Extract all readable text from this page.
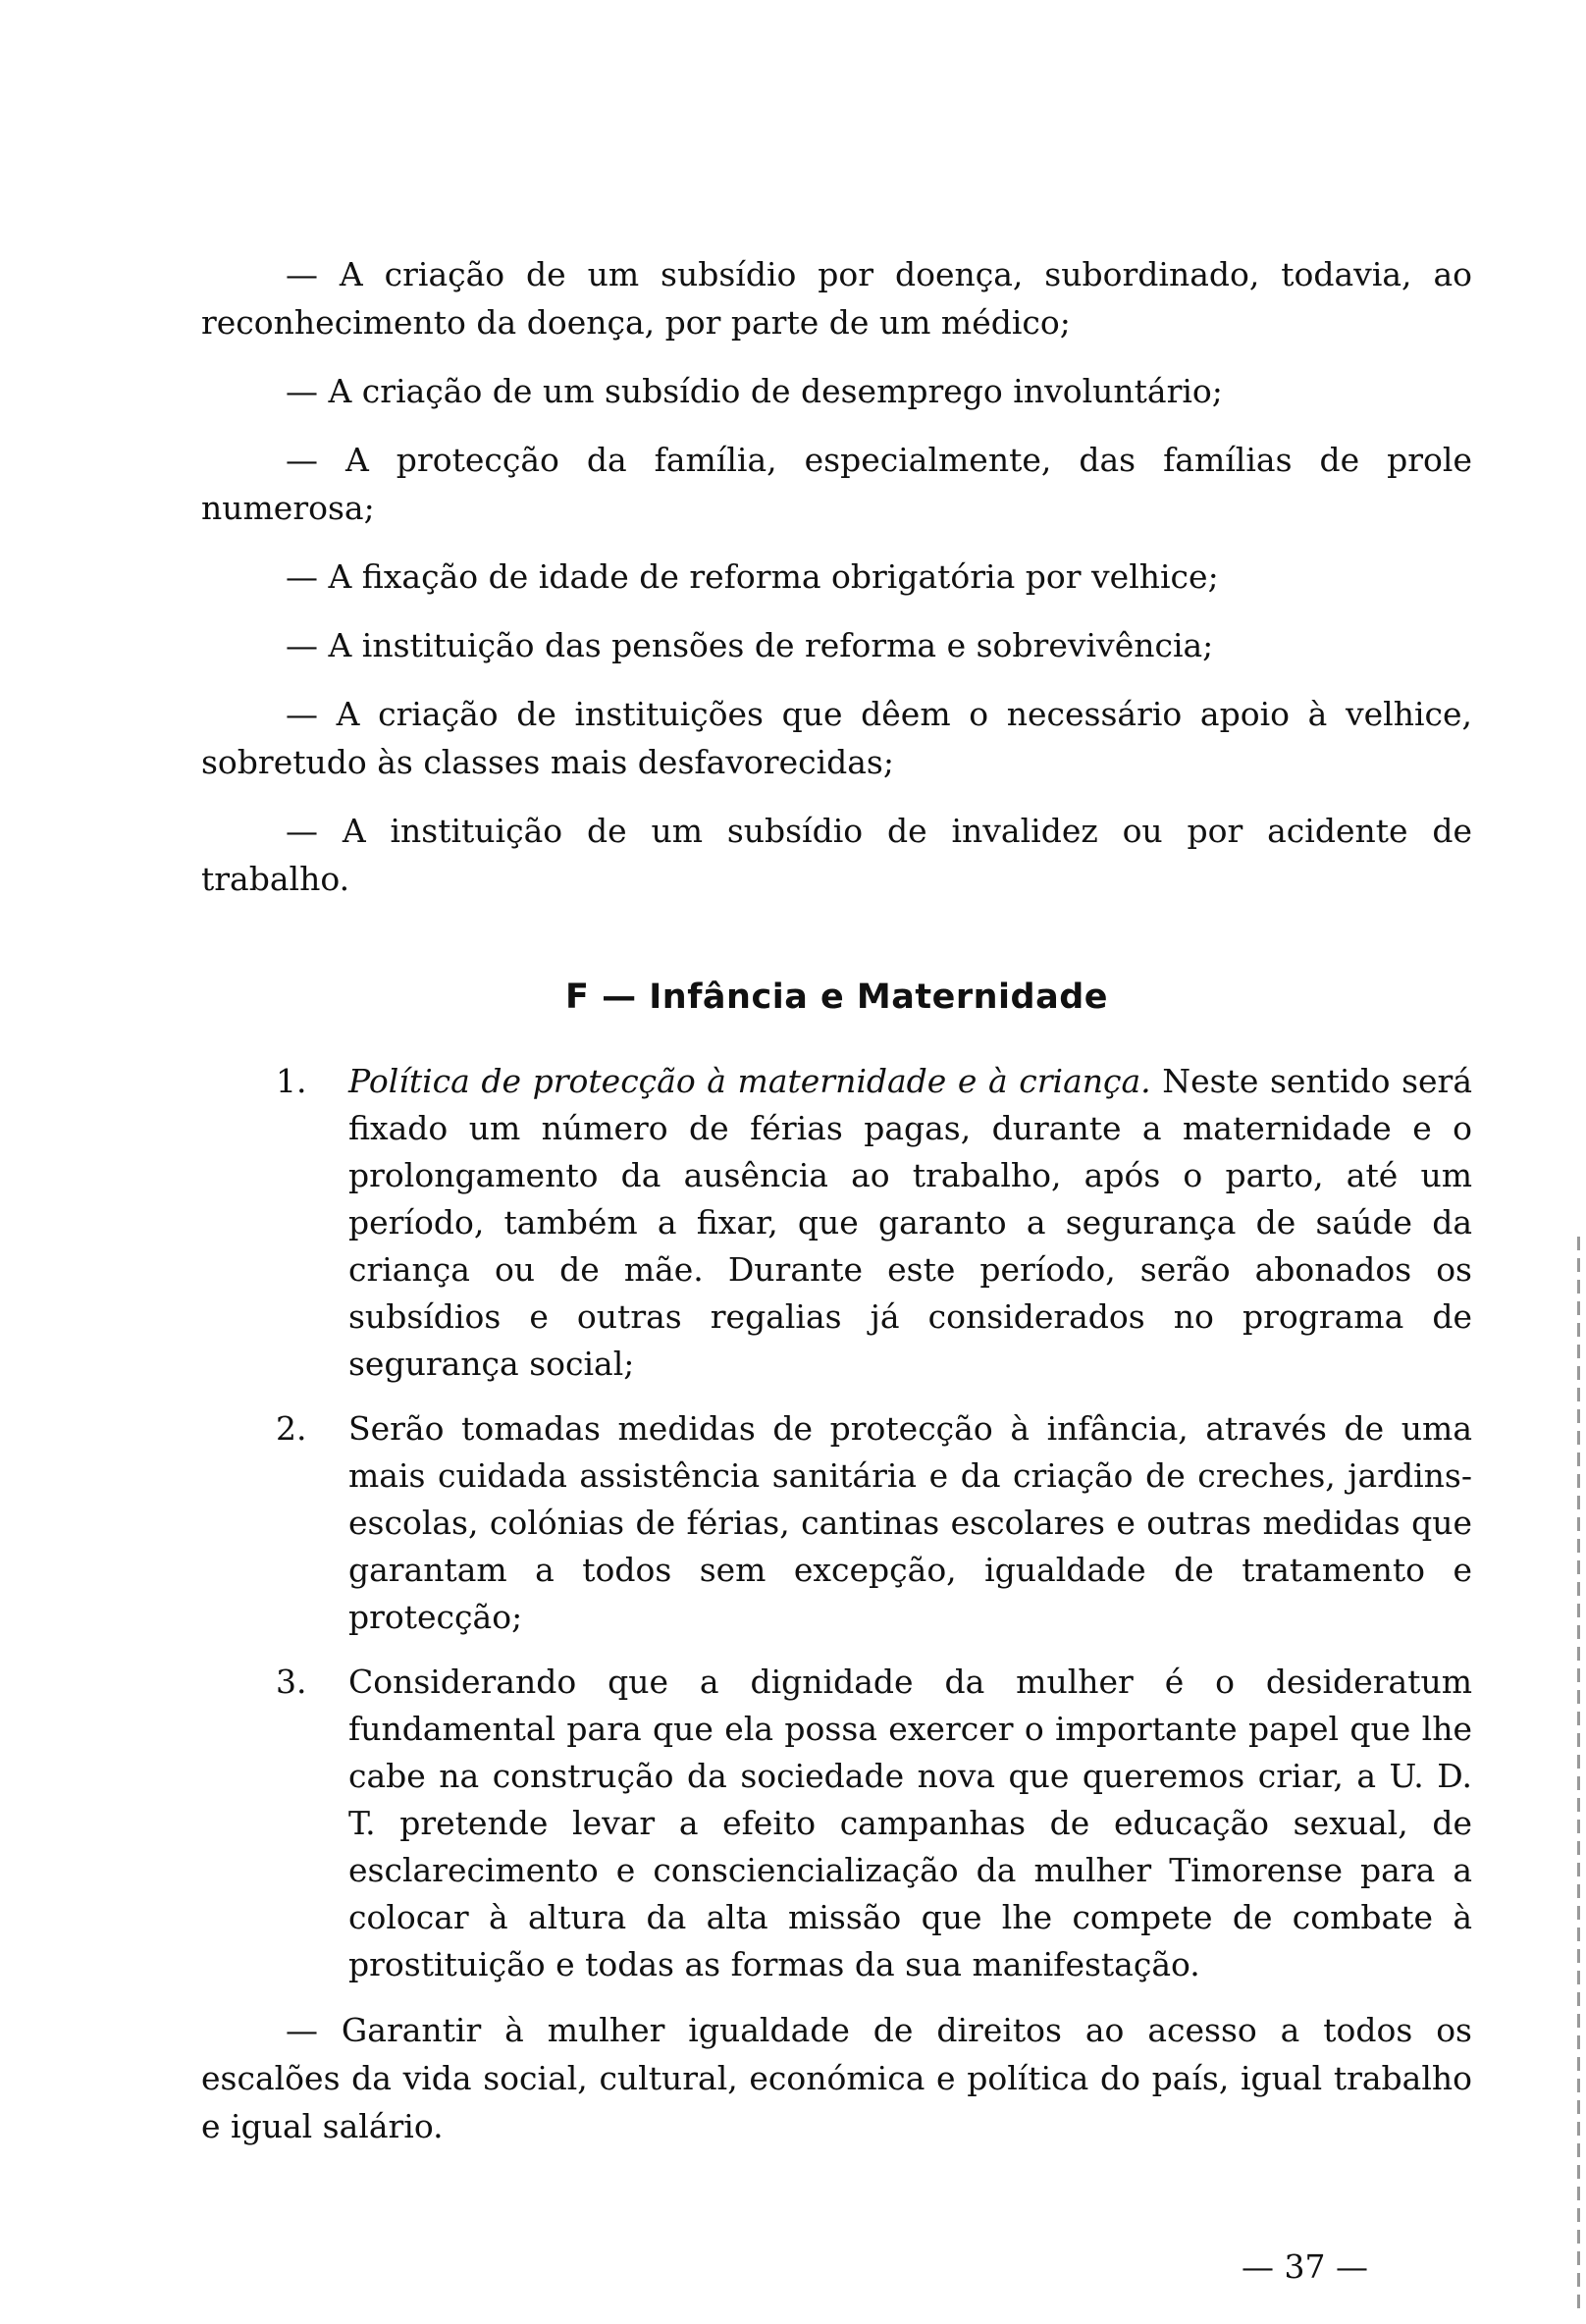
— A criação de um subsídio por doença, subordinado, todavia, ao reconhecimento da doença, por parte de um médico;

— A criação de um subsídio de desemprego involuntário;

— A protecção da família, especialmente, das famílias de prole numerosa;

— A fixação de idade de reforma obrigatória por velhice;

— A instituição das pensões de reforma e sobrevivência;

— A criação de instituições que dêem o necessário apoio à velhice, sobretudo às classes mais desfavorecidas;

— A instituição de um subsídio de invalidez ou por acidente de trabalho.

F — Infância e Maternidade
1. Política de protecção à maternidade e à criança. Neste sentido será fixado um número de férias pagas, durante a maternidade e o prolongamento da ausência ao trabalho, após o parto, até um período, também a fixar, que garanto a segurança de saúde da criança ou de mãe. Durante este período, serão abonados os subsídios e outras regalias já considerados no programa de segurança social;
2. Serão tomadas medidas de protecção à infância, através de uma mais cuidada assistência sanitária e da criação de creches, jardins-escolas, colónias de férias, cantinas escolares e outras medidas que garantam a todos sem excepção, igualdade de tratamento e protecção;
3. Considerando que a dignidade da mulher é o desideratum fundamental para que ela possa exercer o importante papel que lhe cabe na construção da sociedade nova que queremos criar, a U. D. T. pretende levar a efeito campanhas de educação sexual, de esclarecimento e consciencialização da mulher Timorense para a colocar à altura da alta missão que lhe compete de combate à prostituição e todas as formas da sua manifestação.

— Garantir à mulher igualdade de direitos ao acesso a todos os escalões da vida social, cultural, económica e política do país, igual trabalho e igual salário.

— 37 —
